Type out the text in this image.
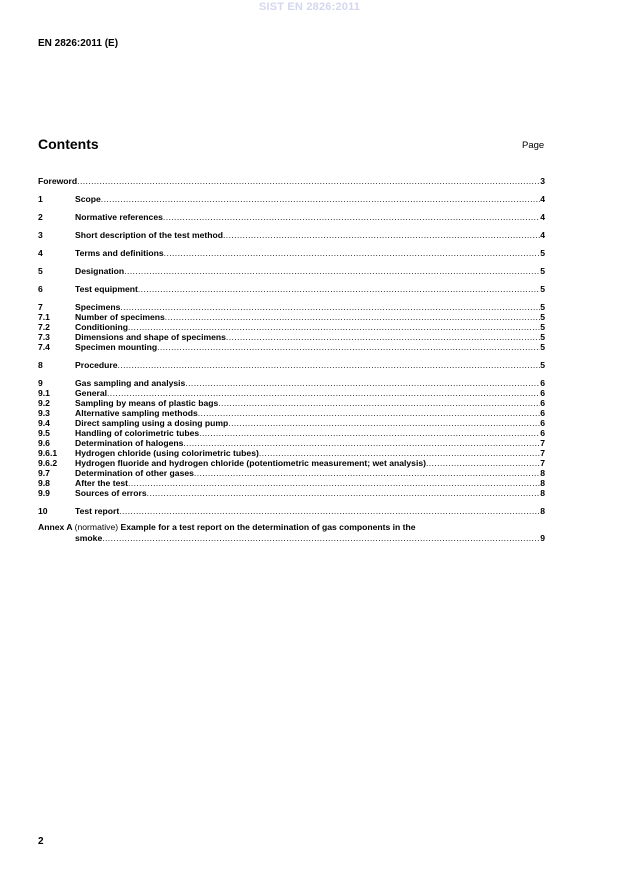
SIST EN 2826:2011
EN 2826:2011 (E)
Contents	Page
Foreword .....	3
1	Scope .....	4
2	Normative references .....	4
3	Short description of the test method .....	4
4	Terms and definitions .....	5
5	Designation .....	5
6	Test equipment .....	5
7	Specimens .....	5
7.1	Number of specimens .....	5
7.2	Conditioning .....	5
7.3	Dimensions and shape of specimens .....	5
7.4	Specimen mounting .....	5
8	Procedure .....	5
9	Gas sampling and analysis .....	6
9.1	General .....	6
9.2	Sampling by means of plastic bags .....	6
9.3	Alternative sampling methods .....	6
9.4	Direct sampling using a dosing pump .....	6
9.5	Handling of colorimetric tubes .....	6
9.6	Determination of halogens .....	7
9.6.1	Hydrogen chloride (using colorimetric tubes) .....	7
9.6.2	Hydrogen fluoride and hydrogen chloride (potentiometric measurement; wet analysis) .....	7
9.7	Determination of other gases .....	8
9.8	After the test .....	8
9.9	Sources of errors .....	8
10	Test report .....	8
Annex A (normative) Example for a test report on the determination of gas components in the
smoke .....	9
2
